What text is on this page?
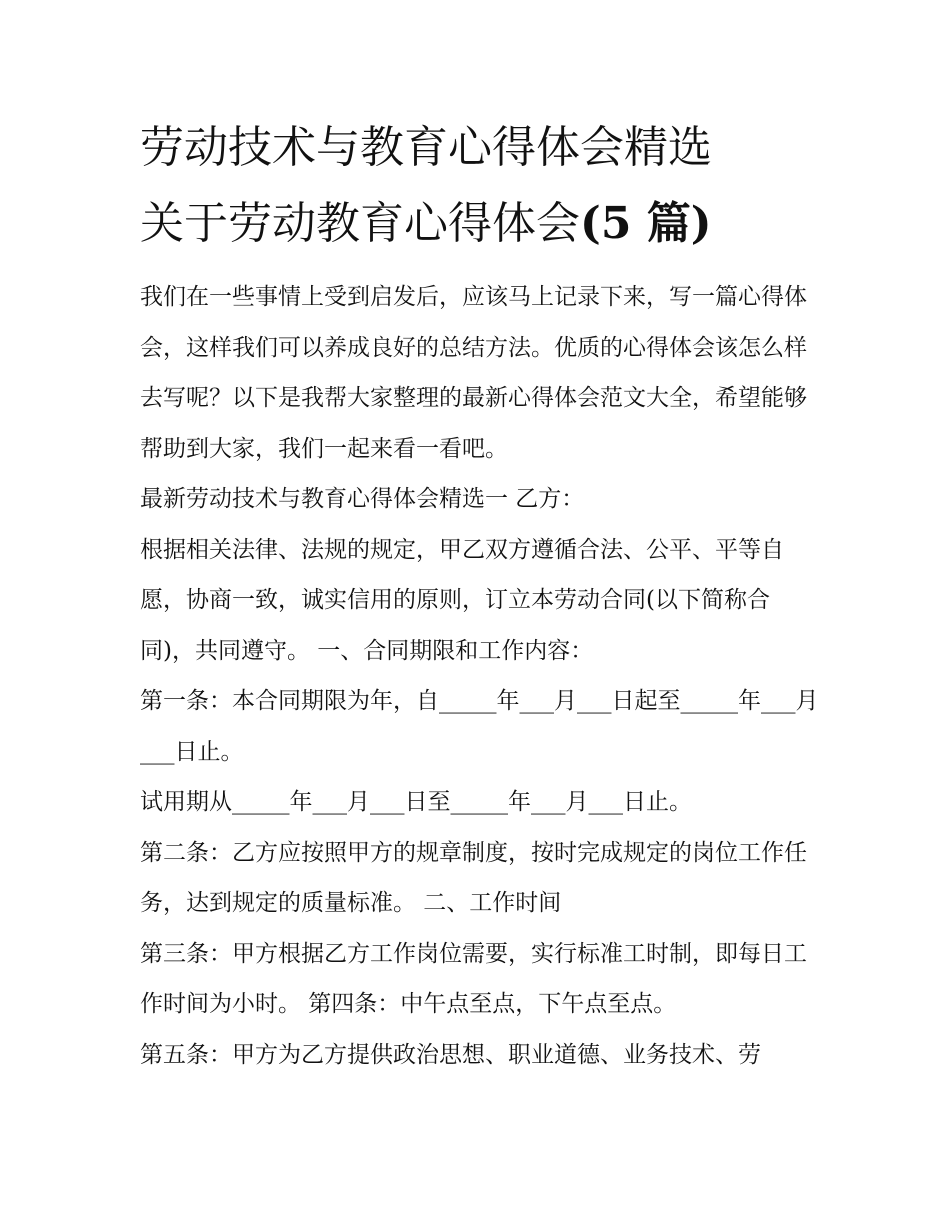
劳动技术与教育心得体会精选
关于劳动教育心得体会(5 篇)

我们在一些事情上受到启发后，应该马上记录下来，写一篇心得体会，这样我们可以养成良好的总结方法。优质的心得体会该怎么样去写呢？以下是我帮大家整理的最新心得体会范文大全，希望能够帮助到大家，我们一起来看一看吧。

最新劳动技术与教育心得体会精选一 乙方：

根据相关法律、法规的规定，甲乙双方遵循合法、公平、平等自愿，协商一致，诚实信用的原则，订立本劳动合同(以下简称合同)，共同遵守。 一、合同期限和工作内容：

第一条：本合同期限为年，自_____年___月___日起至_____年___月___日止。

试用期从_____年___月___日至_____年___月___日止。

第二条：乙方应按照甲方的规章制度，按时完成规定的岗位工作任务，达到规定的质量标准。 二、工作时间

第三条：甲方根据乙方工作岗位需要，实行标准工时制，即每日工作时间为小时。 第四条：中午点至点，下午点至点。

第五条：甲方为乙方提供政治思想、职业道德、业务技术、劳
